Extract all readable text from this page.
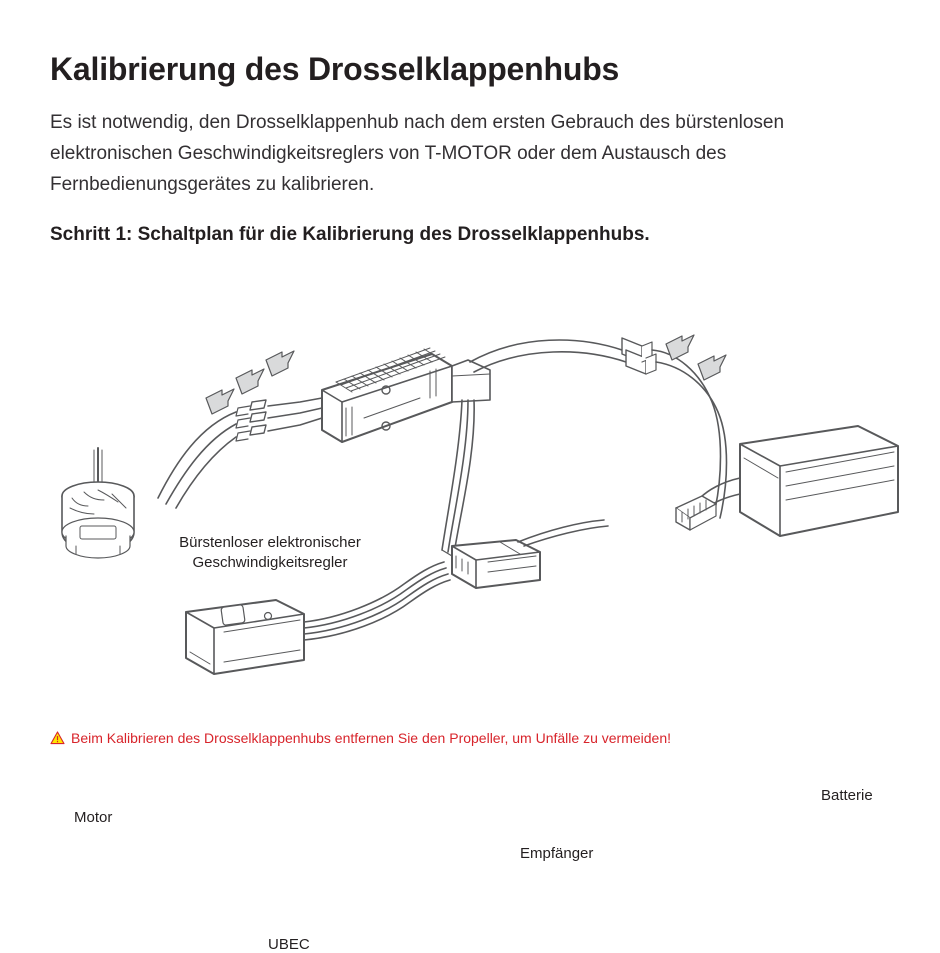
Kalibrierung des Drosselklappenhubs

Es ist notwendig, den Drosselklappenhub nach dem ersten Gebrauch des bürstenlosen elektronischen Geschwindigkeitsreglers von T-MOTOR oder dem Austausch des Fernbedienungsgerätes zu kalibrieren.

Schritt 1: Schaltplan für die Kalibrierung des Drosselklappenhubs.

Bürstenloser elektronischer
Geschwindigkeitsregler
Motor
UBEC
Empfänger
Batterie
Beim Kalibrieren des Drosselklappenhubs entfernen Sie den Propeller, um Unfälle zu vermeiden!
